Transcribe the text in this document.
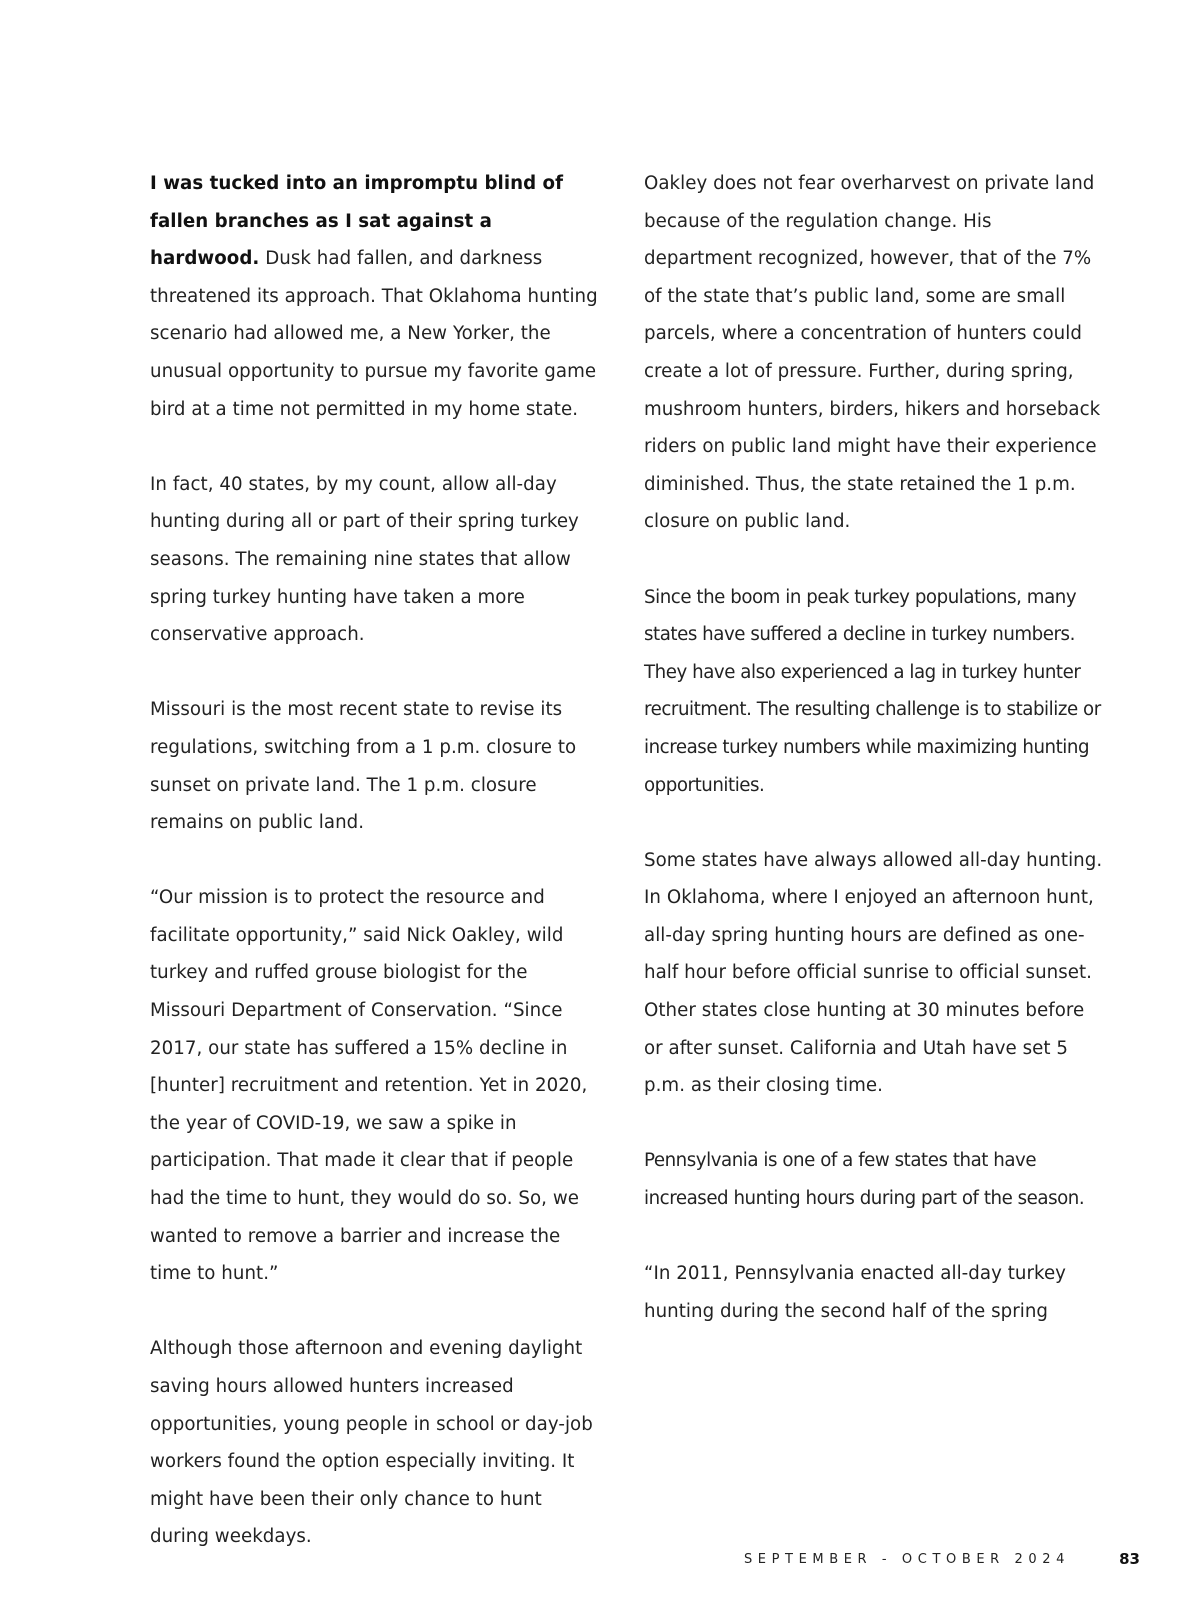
I was tucked into an impromptu blind of fallen branches as I sat against a hardwood. Dusk had fallen, and darkness threatened its approach. That Oklahoma hunting scenario had allowed me, a New Yorker, the unusual opportunity to pursue my favorite game bird at a time not permitted in my home state.

In fact, 40 states, by my count, allow all-day hunting during all or part of their spring turkey seasons. The remaining nine states that allow spring turkey hunting have taken a more conservative approach.

Missouri is the most recent state to revise its regulations, switching from a 1 p.m. closure to sunset on private land. The 1 p.m. closure remains on public land.

“Our mission is to protect the resource and facilitate opportunity,” said Nick Oakley, wild turkey and ruffed grouse biologist for the Missouri Department of Conservation. “Since 2017, our state has suffered a 15% decline in [hunter] recruitment and retention. Yet in 2020, the year of COVID-19, we saw a spike in participation. That made it clear that if people had the time to hunt, they would do so. So, we wanted to remove a barrier and increase the time to hunt.”

Although those afternoon and evening daylight saving hours allowed hunters increased opportunities, young people in school or day-job workers found the option especially inviting. It might have been their only chance to hunt during weekdays.

Oakley does not fear overharvest on private land because of the regulation change. His department recognized, however, that of the 7% of the state that’s public land, some are small parcels, where a concentration of hunters could create a lot of pressure. Further, during spring, mushroom hunters, birders, hikers and horseback riders on public land might have their experience diminished. Thus, the state retained the 1 p.m. closure on public land.

Since the boom in peak turkey populations, many states have suffered a decline in turkey numbers. They have also experienced a lag in turkey hunter recruitment. The resulting challenge is to stabilize or increase turkey numbers while maximizing hunting opportunities.

Some states have always allowed all-day hunting. In Oklahoma, where I enjoyed an afternoon hunt, all-day spring hunting hours are defined as one-half hour before official sunrise to official sunset. Other states close hunting at 30 minutes before or after sunset. California and Utah have set 5 p.m. as their closing time.

Pennsylvania is one of a few states that have increased hunting hours during part of the season.

“In 2011, Pennsylvania enacted all-day turkey hunting during the second half of the spring

SEPTEMBER - OCTOBER 2024	83
